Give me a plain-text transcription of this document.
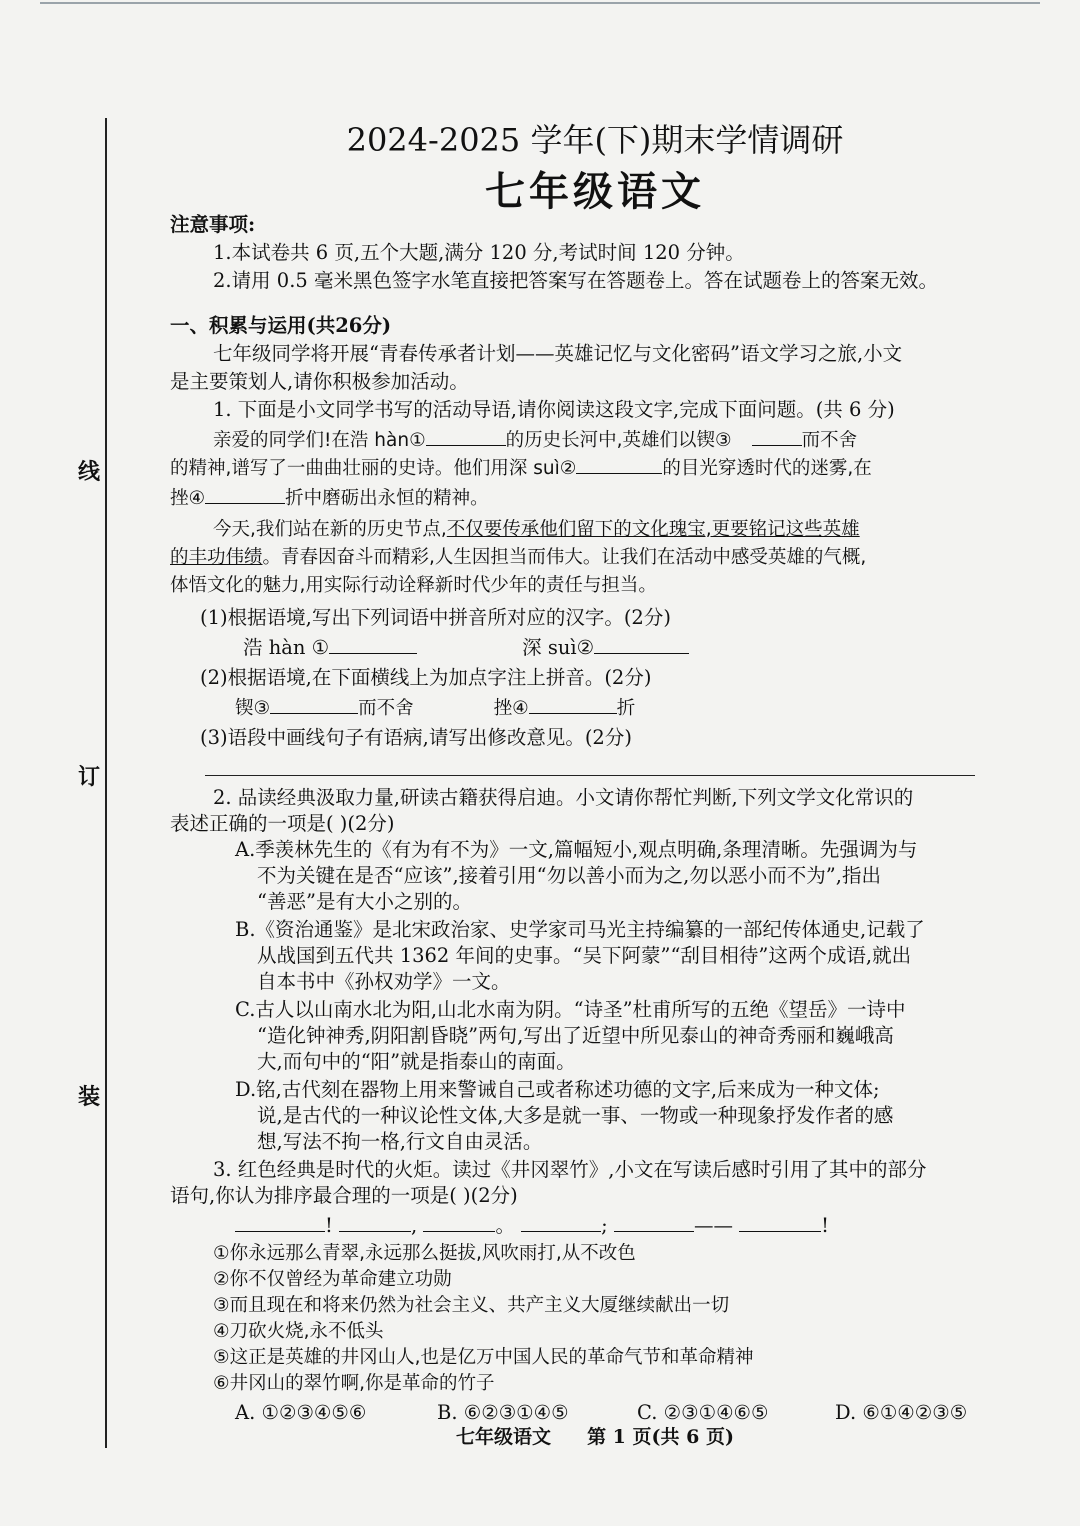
线
订
装
2024-2025 学年(下)期末学情调研
七年级语文
注意事项:
1.本试卷共 6 页,五个大题,满分 120 分,考试时间 120 分钟。
2.请用 0.5 毫米黑色签字水笔直接把答案写在答题卷上。答在试题卷上的答案无效。
一、积累与运用(共26分)
七年级同学将开展“青春传承者计划——英雄记忆与文化密码”语文学习之旅,小文
是主要策划人,请你积极参加活动。
1. 下面是小文同学书写的活动导语,请你阅读这段文字,完成下面问题。(共 6 分)
亲爱的同学们!在浩 hàn①	的历史长河中,英雄们以锲③	而不舍
的精神,谱写了一曲曲壮丽的史诗。他们用深 suì②	的目光穿透时代的迷雾,在
挫④	折中磨砺出永恒的精神。
今天,我们站在新的历史节点,不仅要传承他们留下的文化瑰宝,更要铭记这些英雄
的丰功伟绩。青春因奋斗而精彩,人生因担当而伟大。让我们在活动中感受英雄的气概,
体悟文化的魅力,用实际行动诠释新时代少年的责任与担当。
(1)根据语境,写出下列词语中拼音所对应的汉字。(2分)
浩 hàn ①	深 suì②
(2)根据语境,在下面横线上为加点字注上拼音。(2分)
锲③	而不舍	挫④	折
(3)语段中画线句子有语病,请写出修改意见。(2分)
2. 品读经典汲取力量,研读古籍获得启迪。小文请你帮忙判断,下列文学文化常识的
表述正确的一项是( )(2分)
A.季羡林先生的《有为有不为》一文,篇幅短小,观点明确,条理清晰。先强调为与
不为关键在是否“应该”,接着引用“勿以善小而为之,勿以恶小而不为”,指出
“善恶”是有大小之别的。
B.《资治通鉴》是北宋政治家、史学家司马光主持编纂的一部纪传体通史,记载了
从战国到五代共 1362 年间的史事。“吴下阿蒙”“刮目相待”这两个成语,就出
自本书中《孙权劝学》一文。
C.古人以山南水北为阳,山北水南为阴。“诗圣”杜甫所写的五绝《望岳》一诗中
“造化钟神秀,阴阳割昏晓”两句,写出了近望中所见泰山的神奇秀丽和巍峨高
大,而句中的“阳”就是指泰山的南面。
D.铭,古代刻在器物上用来警诫自己或者称述功德的文字,后来成为一种文体;
说,是古代的一种议论性文体,大多是就一事、一物或一种现象抒发作者的感
想,写法不拘一格,行文自由灵活。
3. 红色经典是时代的火炬。读过《井冈翠竹》,小文在写读后感时引用了其中的部分
语句,你认为排序最合理的一项是( )(2分)
!	,	。	;	——	!
①你永远那么青翠,永远那么挺拔,风吹雨打,从不改色
②你不仅曾经为革命建立功勋
③而且现在和将来仍然为社会主义、共产主义大厦继续献出一切
④刀砍火烧,永不低头
⑤这正是英雄的井冈山人,也是亿万中国人民的革命气节和革命精神
⑥井冈山的翠竹啊,你是革命的竹子
A. ①②③④⑤⑥	B. ⑥②③①④⑤	C. ②③①④⑥⑤	D. ⑥①④②③⑤
七年级语文 第 1 页(共 6 页)
